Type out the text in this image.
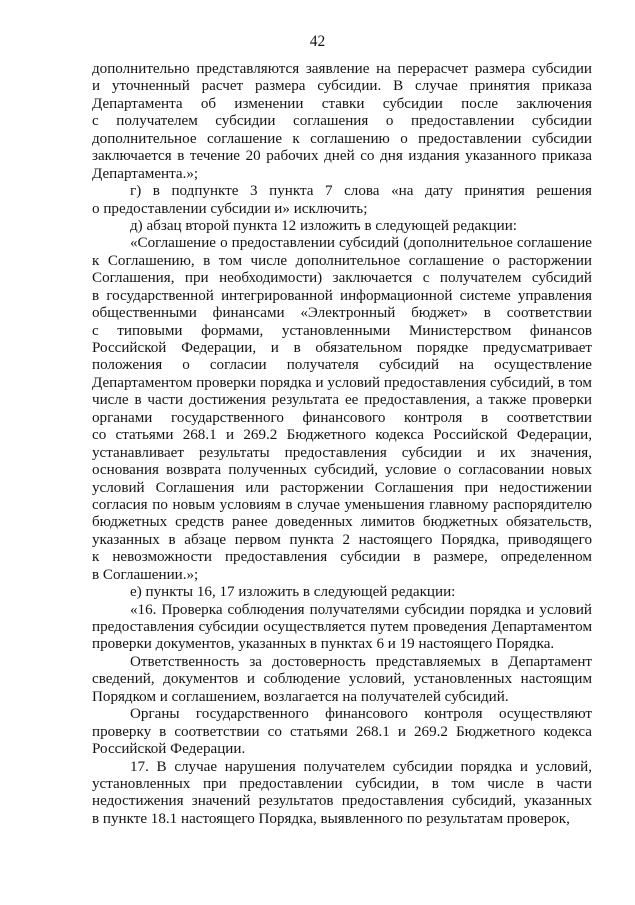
42
дополнительно представляются заявление на перерасчет размера субсидии
и уточненный расчет размера субсидии. В случае принятия приказа
Департамента об изменении ставки субсидии после заключения
с получателем субсидии соглашения о предоставлении субсидии
дополнительное соглашение к соглашению о предоставлении субсидии
заключается в течение 20 рабочих дней со дня издания указанного приказа
Департамента.»;
г) в подпункте 3 пункта 7 слова «на дату принятия решения
о предоставлении субсидии и» исключить;
д) абзац второй пункта 12 изложить в следующей редакции:
«Соглашение о предоставлении субсидий (дополнительное соглашение
к Соглашению, в том числе дополнительное соглашение о расторжении
Соглашения, при необходимости) заключается с получателем субсидий
в государственной интегрированной информационной системе управления
общественными финансами «Электронный бюджет» в соответствии
с типовыми формами, установленными Министерством финансов
Российской Федерации, и в обязательном порядке предусматривает
положения о согласии получателя субсидий на осуществление
Департаментом проверки порядка и условий предоставления субсидий, в том
числе в части достижения результата ее предоставления, а также проверки
органами государственного финансового контроля в соответствии
со статьями 268.1 и 269.2 Бюджетного кодекса Российской Федерации,
устанавливает результаты предоставления субсидии и их значения,
основания возврата полученных субсидий, условие о согласовании новых
условий Соглашения или расторжении Соглашения при недостижении
согласия по новым условиям в случае уменьшения главному распорядителю
бюджетных средств ранее доведенных лимитов бюджетных обязательств,
указанных в абзаце первом пункта 2 настоящего Порядка, приводящего
к невозможности предоставления субсидии в размере, определенном
в Соглашении.»;
е) пункты 16, 17 изложить в следующей редакции:
«16. Проверка соблюдения получателями субсидии порядка и условий
предоставления субсидии осуществляется путем проведения Департаментом
проверки документов, указанных в пунктах 6 и 19 настоящего Порядка.
Ответственность за достоверность представляемых в Департамент
сведений, документов и соблюдение условий, установленных настоящим
Порядком и соглашением, возлагается на получателей субсидий.
Органы государственного финансового контроля осуществляют
проверку в соответствии со статьями 268.1 и 269.2 Бюджетного кодекса
Российской Федерации.
17. В случае нарушения получателем субсидии порядка и условий,
установленных при предоставлении субсидии, в том числе в части
недостижения значений результатов предоставления субсидий, указанных
в пункте 18.1 настоящего Порядка, выявленного по результатам проверок,
